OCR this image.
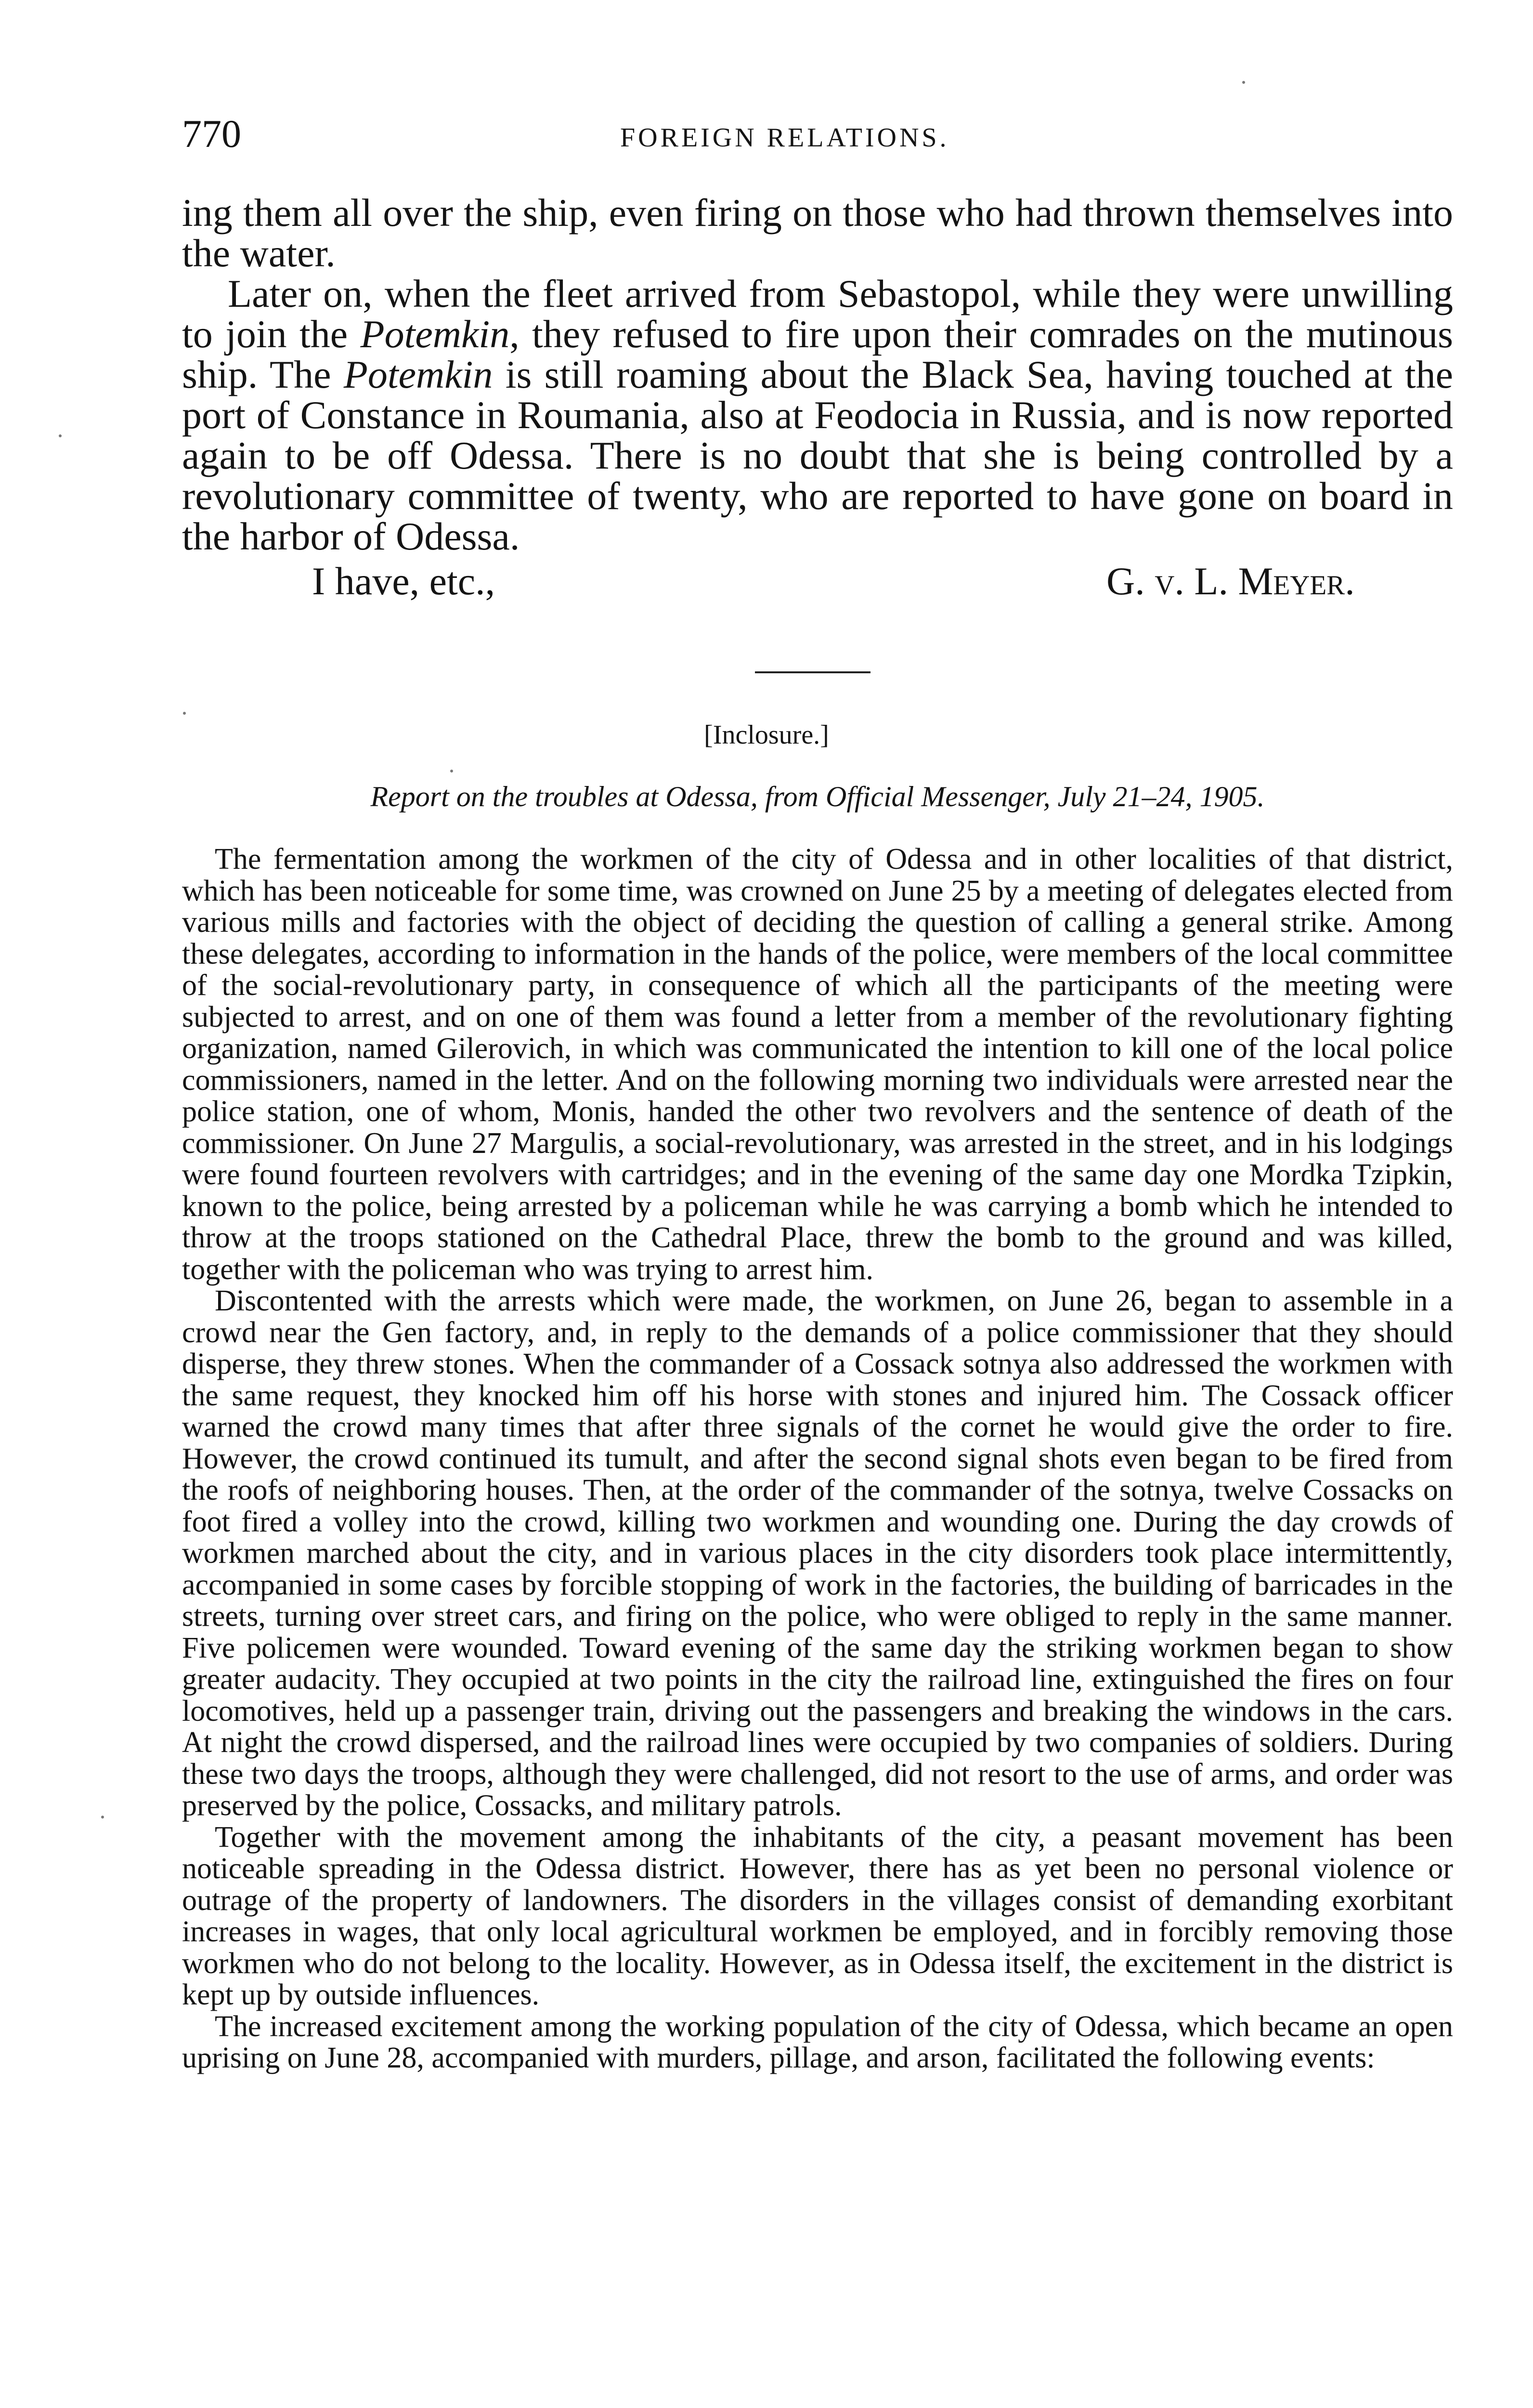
770	FOREIGN RELATIONS.

ing them all over the ship, even firing on those who had thrown themselves into the water.

Later on, when the fleet arrived from Sebastopol, while they were unwilling to join the Potemkin, they refused to fire upon their comrades on the mutinous ship. The Potemkin is still roaming about the Black Sea, having touched at the port of Constance in Roumania, also at Feodocia in Russia, and is now reported again to be off Odessa. There is no doubt that she is being controlled by a revolutionary committee of twenty, who are reported to have gone on board in the harbor of Odessa.

I have, etc.,	G. v. L. Meyer.
[Inclosure.]
Report on the troubles at Odessa, from Official Messenger, July 21–24, 1905.

The fermentation among the workmen of the city of Odessa and in other localities of that district, which has been noticeable for some time, was crowned on June 25 by a meeting of delegates elected from various mills and factories with the object of deciding the question of calling a general strike. Among these delegates, according to information in the hands of the police, were members of the local committee of the social-revolutionary party, in consequence of which all the participants of the meeting were subjected to arrest, and on one of them was found a letter from a member of the revolutionary fighting organization, named Gilerovich, in which was communicated the intention to kill one of the local police commissioners, named in the letter. And on the following morning two individuals were arrested near the police station, one of whom, Monis, handed the other two revolvers and the sentence of death of the commissioner. On June 27 Margulis, a social-revolutionary, was arrested in the street, and in his lodgings were found fourteen revolvers with cartridges; and in the evening of the same day one Mordka Tzipkin, known to the police, being arrested by a policeman while he was carrying a bomb which he intended to throw at the troops stationed on the Cathedral Place, threw the bomb to the ground and was killed, together with the policeman who was trying to arrest him.

Discontented with the arrests which were made, the workmen, on June 26, began to assemble in a crowd near the Gen factory, and, in reply to the demands of a police commissioner that they should disperse, they threw stones. When the commander of a Cossack sotnya also addressed the workmen with the same request, they knocked him off his horse with stones and injured him. The Cossack officer warned the crowd many times that after three signals of the cornet he would give the order to fire. However, the crowd continued its tumult, and after the second signal shots even began to be fired from the roofs of neighboring houses. Then, at the order of the commander of the sotnya, twelve Cossacks on foot fired a volley into the crowd, killing two workmen and wounding one. During the day crowds of workmen marched about the city, and in various places in the city disorders took place intermittently, accompanied in some cases by forcible stopping of work in the factories, the building of barricades in the streets, turning over street cars, and firing on the police, who were obliged to reply in the same manner. Five policemen were wounded. Toward evening of the same day the striking workmen began to show greater audacity. They occupied at two points in the city the railroad line, extinguished the fires on four locomotives, held up a passenger train, driving out the passengers and breaking the windows in the cars. At night the crowd dispersed, and the railroad lines were occupied by two companies of soldiers. During these two days the troops, although they were challenged, did not resort to the use of arms, and order was preserved by the police, Cossacks, and military patrols.

Together with the movement among the inhabitants of the city, a peasant movement has been noticeable spreading in the Odessa district. However, there has as yet been no personal violence or outrage of the property of landowners. The disorders in the villages consist of demanding exorbitant increases in wages, that only local agricultural workmen be employed, and in forcibly removing those workmen who do not belong to the locality. However, as in Odessa itself, the excitement in the district is kept up by outside influences.

The increased excitement among the working population of the city of Odessa, which became an open uprising on June 28, accompanied with murders, pillage, and arson, facilitated the following events:
